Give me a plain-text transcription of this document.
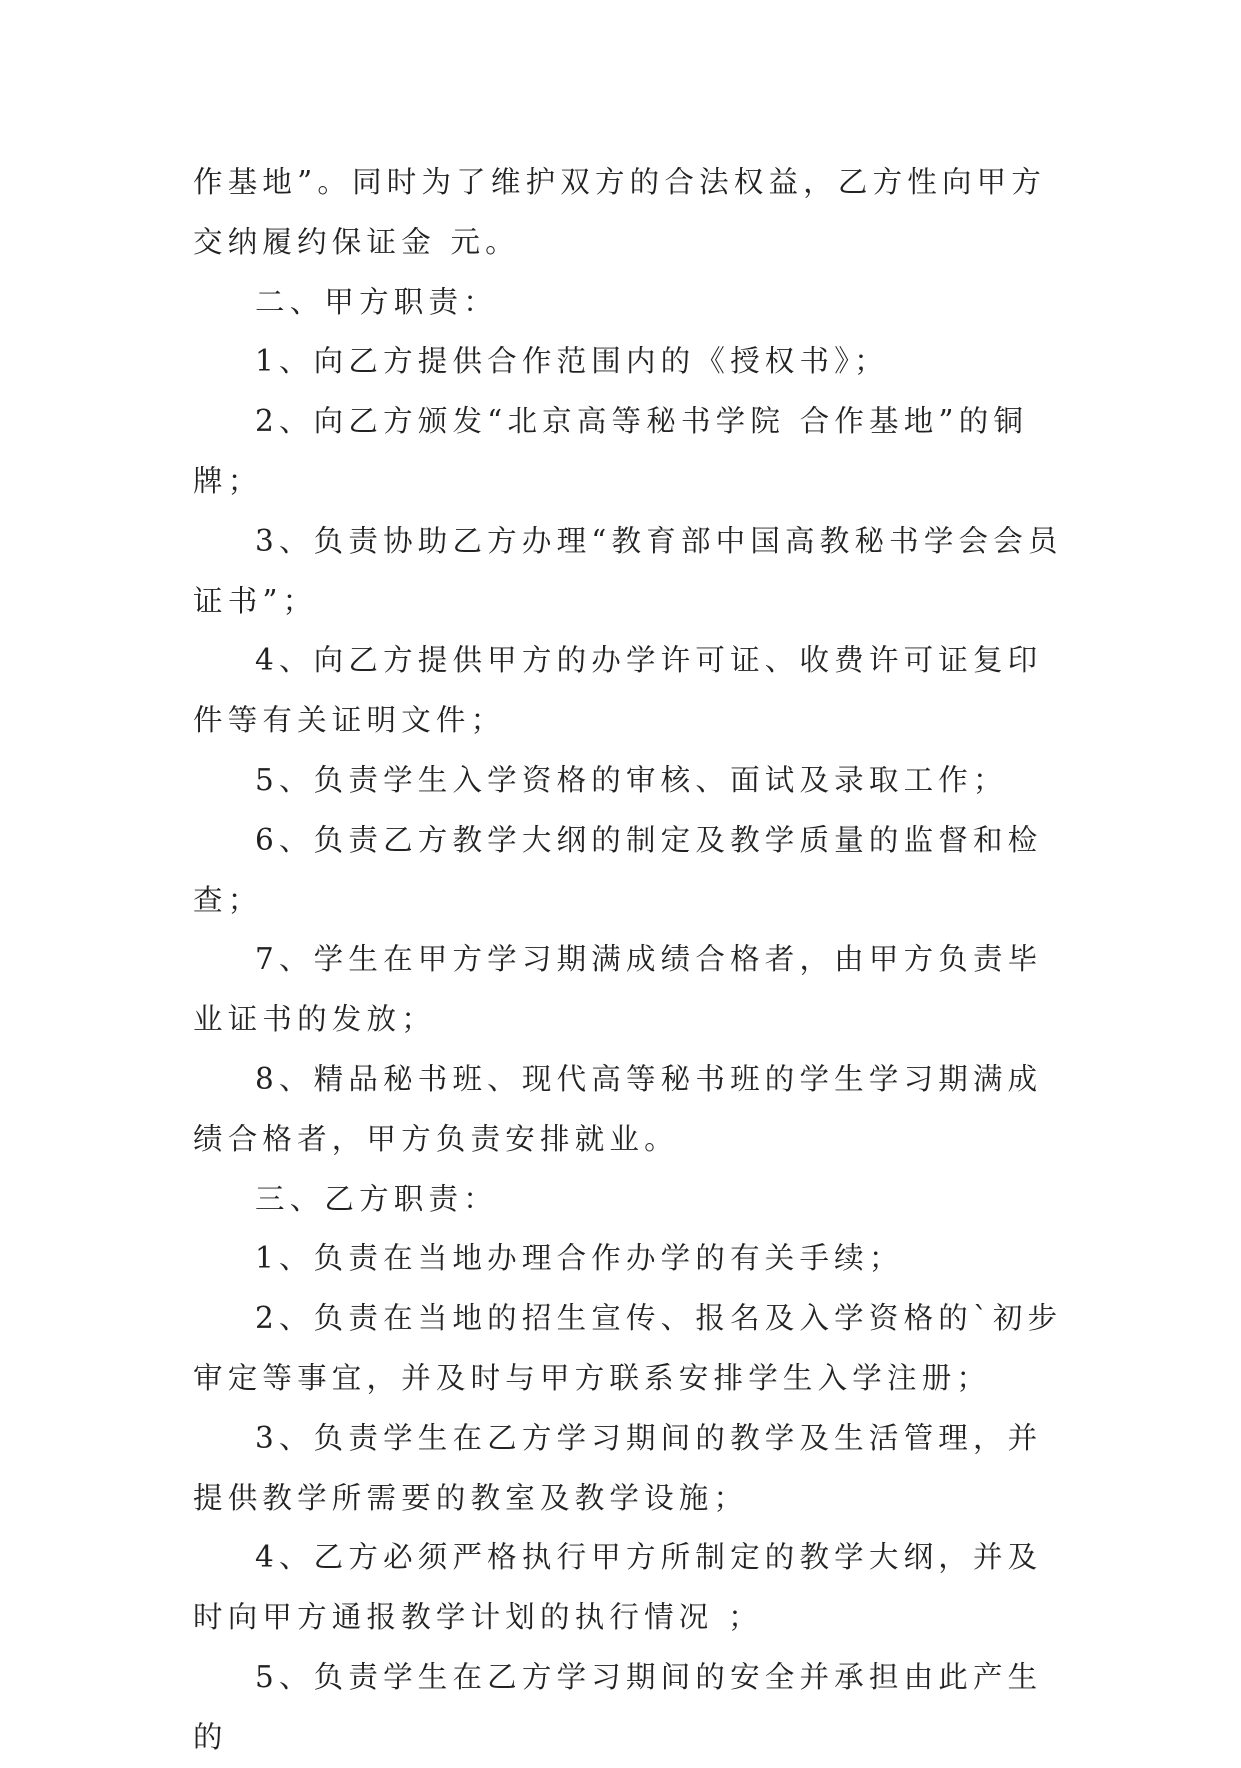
作基地”。同时为了维护双方的合法权益，乙方性向甲方交纳履约保证金 元。

二、甲方职责：

1、向乙方提供合作范围内的《授权书》；

2、向乙方颁发“北京高等秘书学院 合作基地”的铜牌；

3、负责协助乙方办理“教育部中国高教秘书学会会员证书”；

4、向乙方提供甲方的办学许可证、收费许可证复印件等有关证明文件；

5、负责学生入学资格的审核、面试及录取工作；

6、负责乙方教学大纲的制定及教学质量的监督和检查；

7、学生在甲方学习期满成绩合格者，由甲方负责毕业证书的发放；

8、精品秘书班、现代高等秘书班的学生学习期满成绩合格者，甲方负责安排就业。

三、乙方职责：

1、负责在当地办理合作办学的有关手续；

2、负责在当地的招生宣传、报名及入学资格的`初步审定等事宜，并及时与甲方联系安排学生入学注册；

3、负责学生在乙方学习期间的教学及生活管理，并提供教学所需要的教室及教学设施；

4、乙方必须严格执行甲方所制定的教学大纲，并及时向甲方通报教学计划的执行情况 ；

5、负责学生在乙方学习期间的安全并承担由此产生的
